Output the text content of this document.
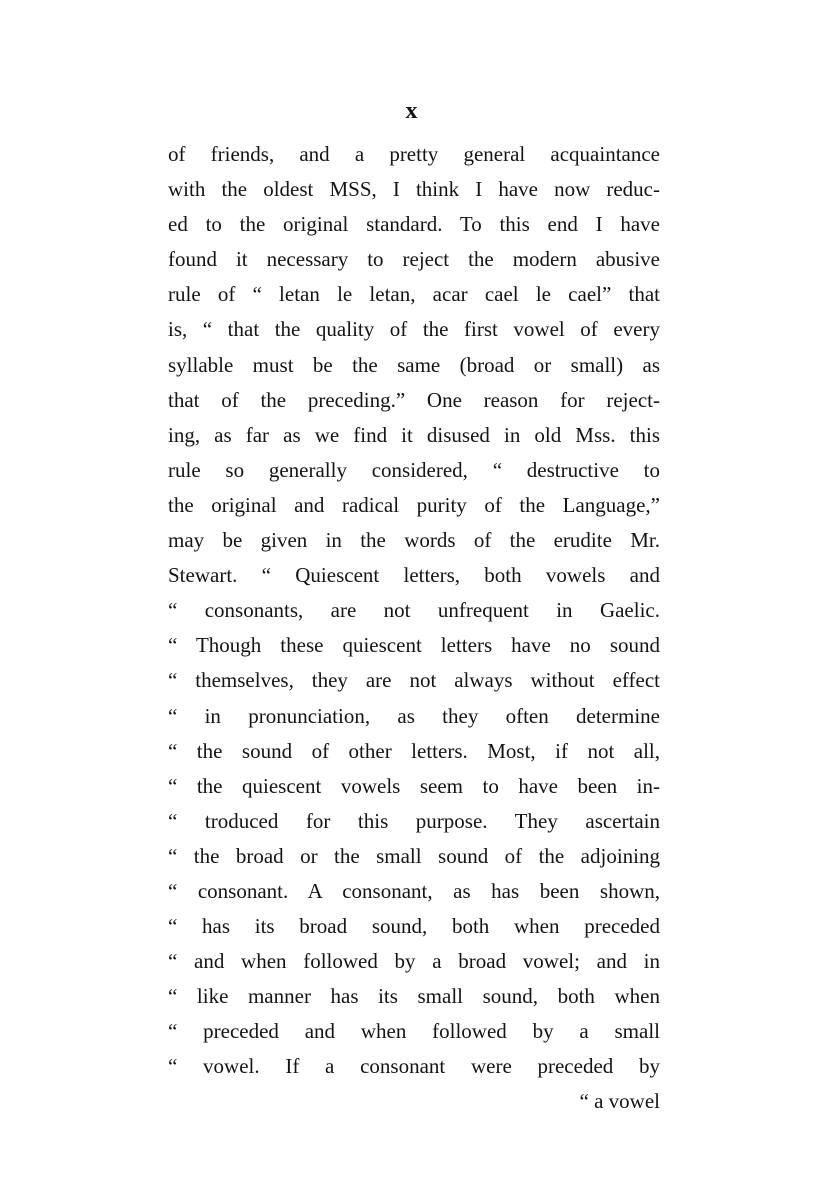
x
of friends, and a pretty general acquaintance
with the oldest MSS, I think I have now reduc-
ed to the original standard. To this end I have
found it necessary to reject the modern abusive
rule of “ letan le letan, acar cael le cael” that
is, “ that the quality of the first vowel of every
syllable must be the same (broad or small) as
that of the preceding.” One reason for reject-
ing, as far as we find it disused in old Mss. this
rule so generally considered, “ destructive to
the original and radical purity of the Language,”
may be given in the words of the erudite Mr.
Stewart. “ Quiescent letters, both vowels and
“ consonants, are not unfrequent in Gaelic.
“ Though these quiescent letters have no sound
“ themselves, they are not always without effect
“ in pronunciation, as they often determine
“ the sound of other letters. Most, if not all,
“ the quiescent vowels seem to have been in-
“ troduced for this purpose. They ascertain
“ the broad or the small sound of the adjoining
“ consonant. A consonant, as has been shown,
“ has its broad sound, both when preceded
“ and when followed by a broad vowel; and in
“ like manner has its small sound, both when
“ preceded and when followed by a small
“ vowel. If a consonant were preceded by
“ a vowel
